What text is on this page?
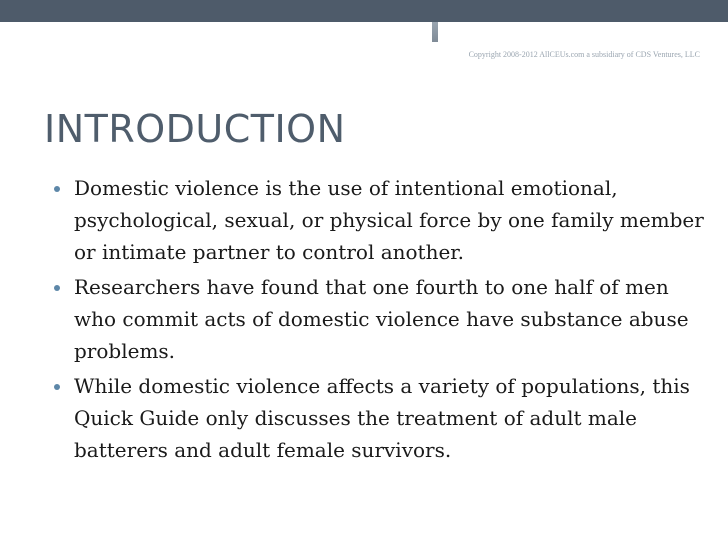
Copyright 2008-2012 AllCEUs.com a subsidiary of CDS Ventures, LLC
INTRODUCTION
Domestic violence is the use of intentional emotional, psychological, sexual, or physical force by one family member or intimate partner to control another.
Researchers have found that one fourth to one half of men who commit acts of domestic violence have substance abuse problems.
While domestic violence affects a variety of populations, this Quick Guide only discusses the treatment of adult male batterers and adult female survivors.
